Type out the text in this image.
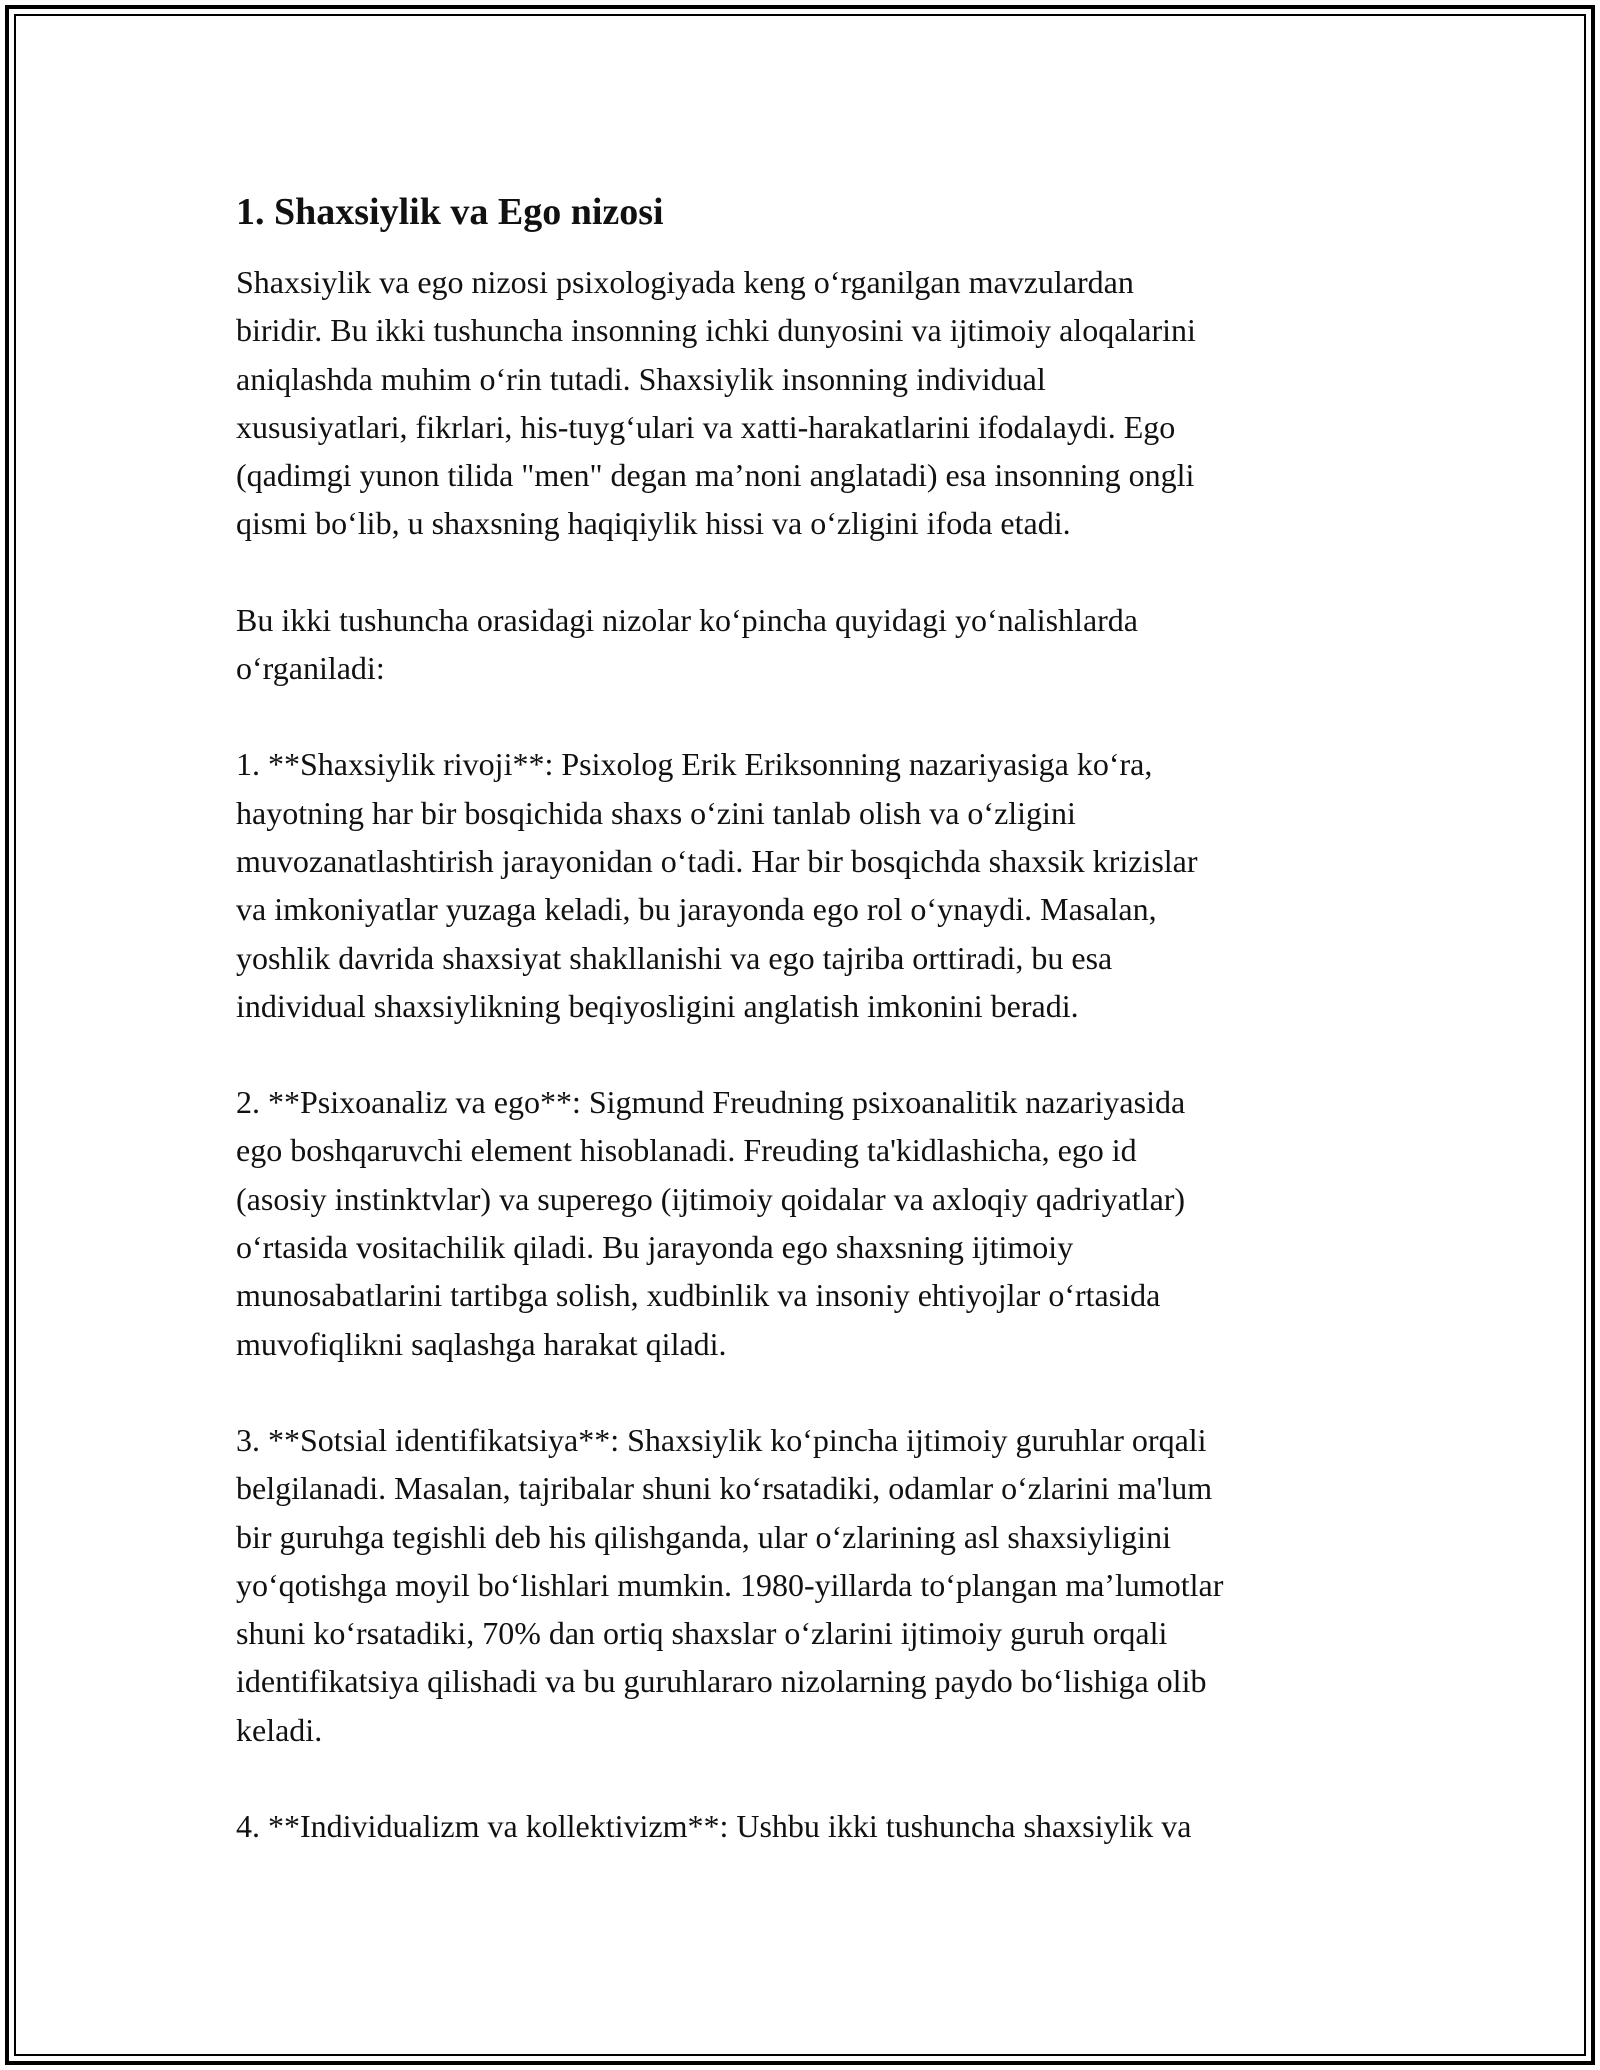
1. Shaxsiylik va Ego nizosi
Shaxsiylik va ego nizosi psixologiyada keng o‘rganilgan mavzulardan
biridir. Bu ikki tushuncha insonning ichki dunyosini va ijtimoiy aloqalarini
aniqlashda muhim o‘rin tutadi. Shaxsiylik insonning individual
xususiyatlari, fikrlari, his-tuyg‘ulari va xatti-harakatlarini ifodalaydi. Ego
(qadimgi yunon tilida "men" degan ma’noni anglatadi) esa insonning ongli
qismi bo‘lib, u shaxsning haqiqiylik hissi va o‘zligini ifoda etadi.
Bu ikki tushuncha orasidagi nizolar ko‘pincha quyidagi yo‘nalishlarda
o‘rganiladi:
1. **Shaxsiylik rivoji**: Psixolog Erik Eriksonning nazariyasiga ko‘ra,
hayotning har bir bosqichida shaxs o‘zini tanlab olish va o‘zligini
muvozanatlashtirish jarayonidan o‘tadi. Har bir bosqichda shaxsik krizislar
va imkoniyatlar yuzaga keladi, bu jarayonda ego rol o‘ynaydi. Masalan,
yoshlik davrida shaxsiyat shakllanishi va ego tajriba orttiradi, bu esa
individual shaxsiylikning beqiyosligini anglatish imkonini beradi.
2. **Psixoanaliz va ego**: Sigmund Freudning psixoanalitik nazariyasida
ego boshqaruvchi element hisoblanadi. Freuding ta'kidlashicha, ego id
(asosiy instinktvlar) va superego (ijtimoiy qoidalar va axloqiy qadriyatlar)
o‘rtasida vositachilik qiladi. Bu jarayonda ego shaxsning ijtimoiy
munosabatlarini tartibga solish, xudbinlik va insoniy ehtiyojlar o‘rtasida
muvofiqlikni saqlashga harakat qiladi.
3. **Sotsial identifikatsiya**: Shaxsiylik ko‘pincha ijtimoiy guruhlar orqali
belgilanadi. Masalan, tajribalar shuni ko‘rsatadiki, odamlar o‘zlarini ma'lum
bir guruhga tegishli deb his qilishganda, ular o‘zlarining asl shaxsiyligini
yo‘qotishga moyil bo‘lishlari mumkin. 1980-yillarda to‘plangan ma’lumotlar
shuni ko‘rsatadiki, 70% dan ortiq shaxslar o‘zlarini ijtimoiy guruh orqali
identifikatsiya qilishadi va bu guruhlararo nizolarning paydo bo‘lishiga olib
keladi.
4. **Individualizm va kollektivizm**: Ushbu ikki tushuncha shaxsiylik va
